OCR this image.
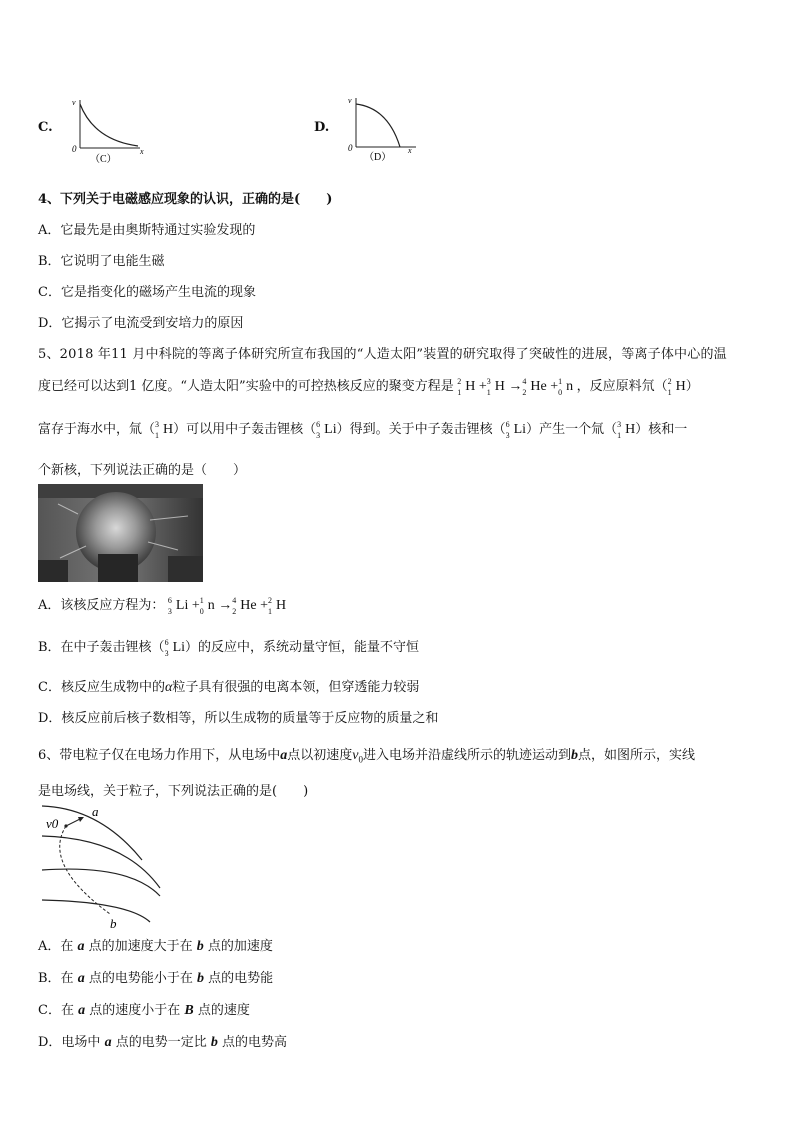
C.
v
0	x
（C）
D.
v
0	x
（D）
4、下列关于电磁感应现象的认识，正确的是(　　)
A．它最先是由奥斯特通过实验发现的
B．它说明了电能生磁
C．它是指变化的磁场产生电流的现象
D．它揭示了电流受到安培力的原因
5、2018 年11 月中科院的等离子体研究所宣布我国的“人造太阳”装置的研究取得了突破性的进展，等离子体中心的温
度已经可以达到1 亿度。“人造太阳”实验中的可控热核反应的聚变方程是 2
1 H + 3
1 H → 4
2 He + 1
0 n ，反应原料氘（ 2
1 H）
富存于海水中，氚（ 3
1 H）可以用中子轰击锂核（ 6
3 Li）得到。关于中子轰击锂核（ 6
3 Li）产生一个氚（ 3
1 H）核和一
个新核，下列说法正确的是（　　）
A．该核反应方程为： 6
3 Li + 1
0 n → 4
2 He + 2
1 H
B．在中子轰击锂核（ 6
3 Li）的反应中，系统动量守恒，能量不守恒
C．核反应生成物中的α粒子具有很强的电离本领，但穿透能力较弱
D．核反应前后核子数相等，所以生成物的质量等于反应物的质量之和
6、带电粒子仅在电场力作用下，从电场中a点以初速度$v_0$进入电场并沿虚线所示的轨迹运动到b点，如图所示，实线
是电场线，关于粒子，下列说法正确的是(　　)
v0
a
b
A．在 a 点的加速度大于在 b 点的加速度
B．在 a 点的电势能小于在 b 点的电势能
C．在 a 点的速度小于在 B 点的速度
D．电场中 a 点的电势一定比 b 点的电势高
